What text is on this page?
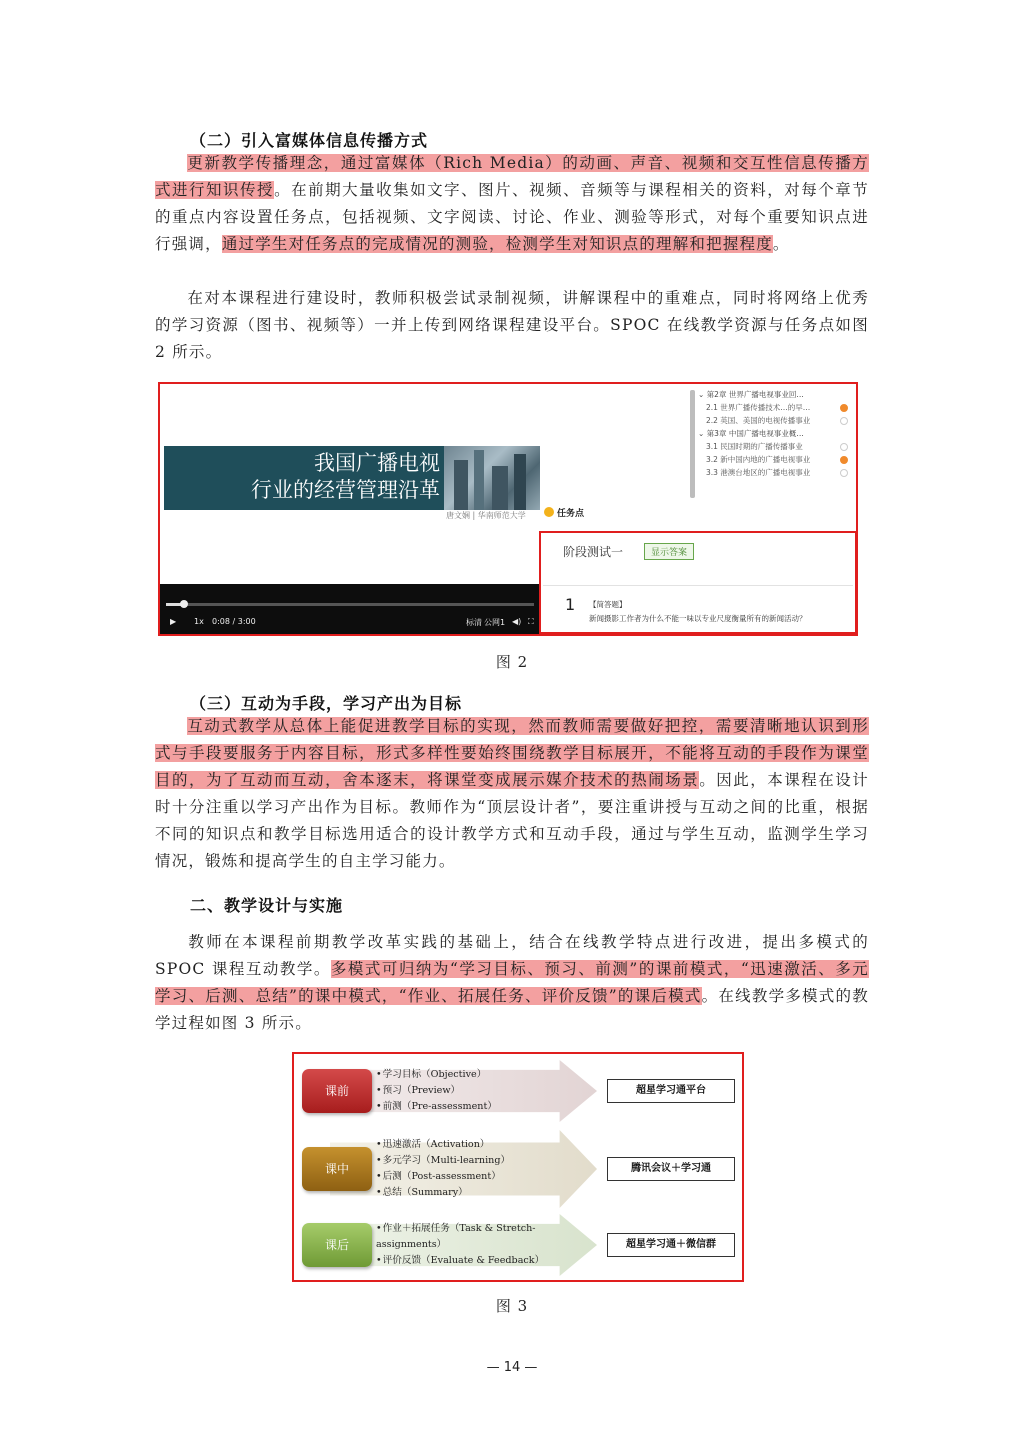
（二）引入富媒体信息传播方式
更新教学传播理念，通过富媒体（Rich Media）的动画、声音、视频和交互性信息传播方式进行知识传授。在前期大量收集如文字、图片、视频、音频等与课程相关的资料，对每个章节的重点内容设置任务点，包括视频、文字阅读、讨论、作业、测验等形式，对每个重要知识点进行强调，通过学生对任务点的完成情况的测验，检测学生对知识点的理解和把握程度。
在对本课程进行建设时，教师积极尝试录制视频，讲解课程中的重难点，同时将网络上优秀的学习资源（图书、视频等）一并上传到网络课程建设平台。SPOC 在线教学资源与任务点如图 2 所示。
我国广播电视
行业的经营管理沿革
唐文娴 | 华南师范大学
▶ 1x 0:08 / 3:00	标清 公网1 ◀) ⛶
⌄ 第2章 世界广播电视事业回…
2.1 世界广播传播技术…的早…
2.2 英国、美国的电视传播事业
⌄ 第3章 中国广播电视事业概…
3.1 民国时期的广播传播事业
3.2 新中国内地的广播电视事业
3.3 港澳台地区的广播电视事业
任务点
阶段测试一	显示答案
1 【简答题】
新闻摄影工作者为什么不能一味以专业尺度衡量所有的新闻活动？
图 2
（三）互动为手段，学习产出为目标
互动式教学从总体上能促进教学目标的实现，然而教师需要做好把控，需要清晰地认识到形式与手段要服务于内容目标，形式多样性要始终围绕教学目标展开，不能将互动的手段作为课堂目的，为了互动而互动，舍本逐末，将课堂变成展示媒介技术的热闹场景。因此，本课程在设计时十分注重以学习产出作为目标。教师作为“顶层设计者”，要注重讲授与互动之间的比重，根据不同的知识点和教学目标选用适合的设计教学方式和互动手段，通过与学生互动，监测学生学习情况，锻炼和提高学生的自主学习能力。
二、教学设计与实施
教师在本课程前期教学改革实践的基础上，结合在线教学特点进行改进，提出多模式的 SPOC 课程互动教学。多模式可归纳为“学习目标、预习、前测”的课前模式，“迅速激活、多元学习、后测、总结”的课中模式，“作业、拓展任务、评价反馈”的课后模式。在线教学多模式的教学过程如图 3 所示。
课前
• 学习目标（Objective）
• 预习（Preview）
• 前测（Pre-assessment）
超星学习通平台
课中
• 迅速激活（Activation）
• 多元学习（Multi-learning）
• 后测（Post-assessment）
• 总结（Summary）
腾讯会议＋学习通
课后
• 作业＋拓展任务（Task & Stretch-
assignments）
• 评价反馈（Evaluate & Feedback）
超星学习通＋微信群
图 3
— 14 —
